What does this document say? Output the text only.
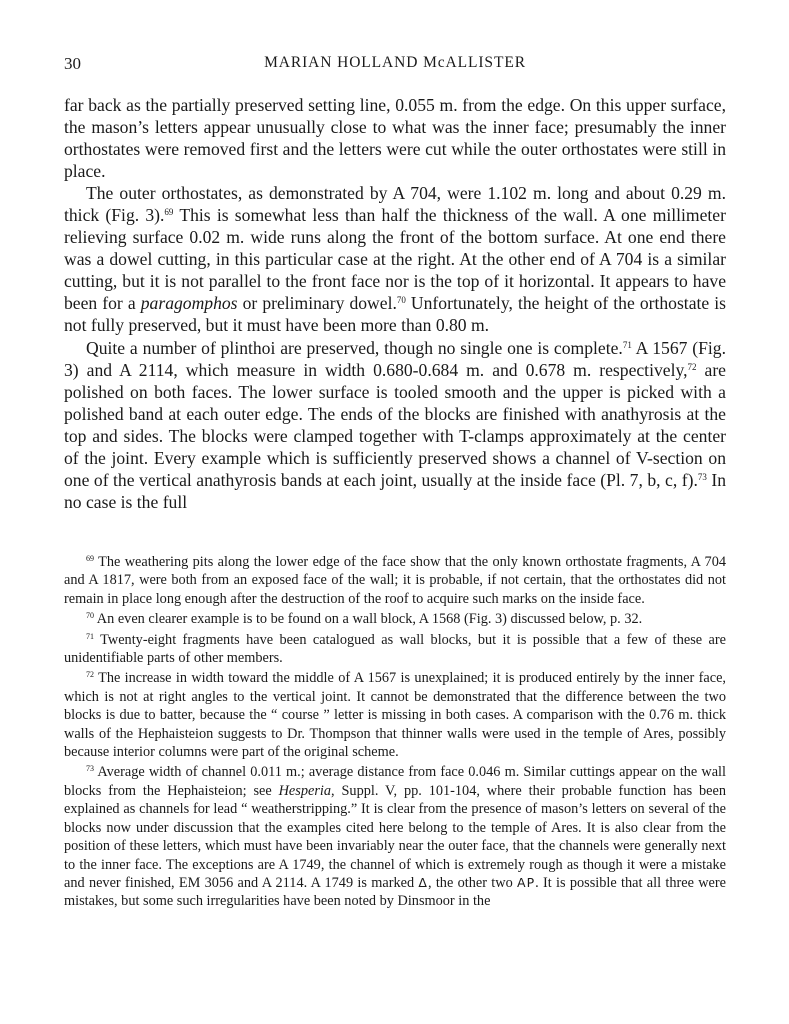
30	MARIAN HOLLAND McALLISTER

far back as the partially preserved setting line, 0.055 m. from the edge. On this upper surface, the mason’s letters appear unusually close to what was the inner face; presumably the inner orthostates were removed first and the letters were cut while the outer orthostates were still in place.

The outer orthostates, as demonstrated by A 704, were 1.102 m. long and about 0.29 m. thick (Fig. 3).$^{69}$ This is somewhat less than half the thickness of the wall. A one millimeter relieving surface 0.02 m. wide runs along the front of the bottom surface. At one end there was a dowel cutting, in this particular case at the right. At the other end of A 704 is a similar cutting, but it is not parallel to the front face nor is the top of it horizontal. It appears to have been for a paragomphos or preliminary dowel.$^{70}$ Unfortunately, the height of the orthostate is not fully preserved, but it must have been more than 0.80 m.

Quite a number of plinthoi are preserved, though no single one is complete.$^{71}$ A 1567 (Fig. 3) and A 2114, which measure in width 0.680-0.684 m. and 0.678 m. respectively,$^{72}$ are polished on both faces. The lower surface is tooled smooth and the upper is picked with a polished band at each outer edge. The ends of the blocks are finished with anathyrosis at the top and sides. The blocks were clamped together with T-clamps approximately at the center of the joint. Every example which is sufficiently preserved shows a channel of V-section on one of the vertical anathyrosis bands at each joint, usually at the inside face (Pl. 7, b, c, f).$^{73}$ In no case is the full

$^{69}$ The weathering pits along the lower edge of the face show that the only known orthostate fragments, A 704 and A 1817, were both from an exposed face of the wall; it is probable, if not certain, that the orthostates did not remain in place long enough after the destruction of the roof to acquire such marks on the inside face.

$^{70}$ An even clearer example is to be found on a wall block, A 1568 (Fig. 3) discussed below, p. 32.

$^{71}$ Twenty-eight fragments have been catalogued as wall blocks, but it is possible that a few of these are unidentifiable parts of other members.

$^{72}$ The increase in width toward the middle of A 1567 is unexplained; it is produced entirely by the inner face, which is not at right angles to the vertical joint. It cannot be demonstrated that the difference between the two blocks is due to batter, because the “ course ” letter is missing in both cases. A comparison with the 0.76 m. thick walls of the Hephaisteion suggests to Dr. Thompson that thinner walls were used in the temple of Ares, possibly because interior columns were part of the original scheme.

$^{73}$ Average width of channel 0.011 m.; average distance from face 0.046 m. Similar cuttings appear on the wall blocks from the Hephaisteion; see Hesperia, Suppl. V, pp. 101-104, where their probable function has been explained as channels for lead “ weatherstripping.” It is clear from the presence of mason’s letters on several of the blocks now under discussion that the examples cited here belong to the temple of Ares. It is also clear from the position of these letters, which must have been invariably near the outer face, that the channels were generally next to the inner face. The exceptions are A 1749, the channel of which is extremely rough as though it were a mistake and never finished, EM 3056 and A 2114. A 1749 is marked Δ, the other two ΑΡ. It is possible that all three were mistakes, but some such irregularities have been noted by Dinsmoor in the
